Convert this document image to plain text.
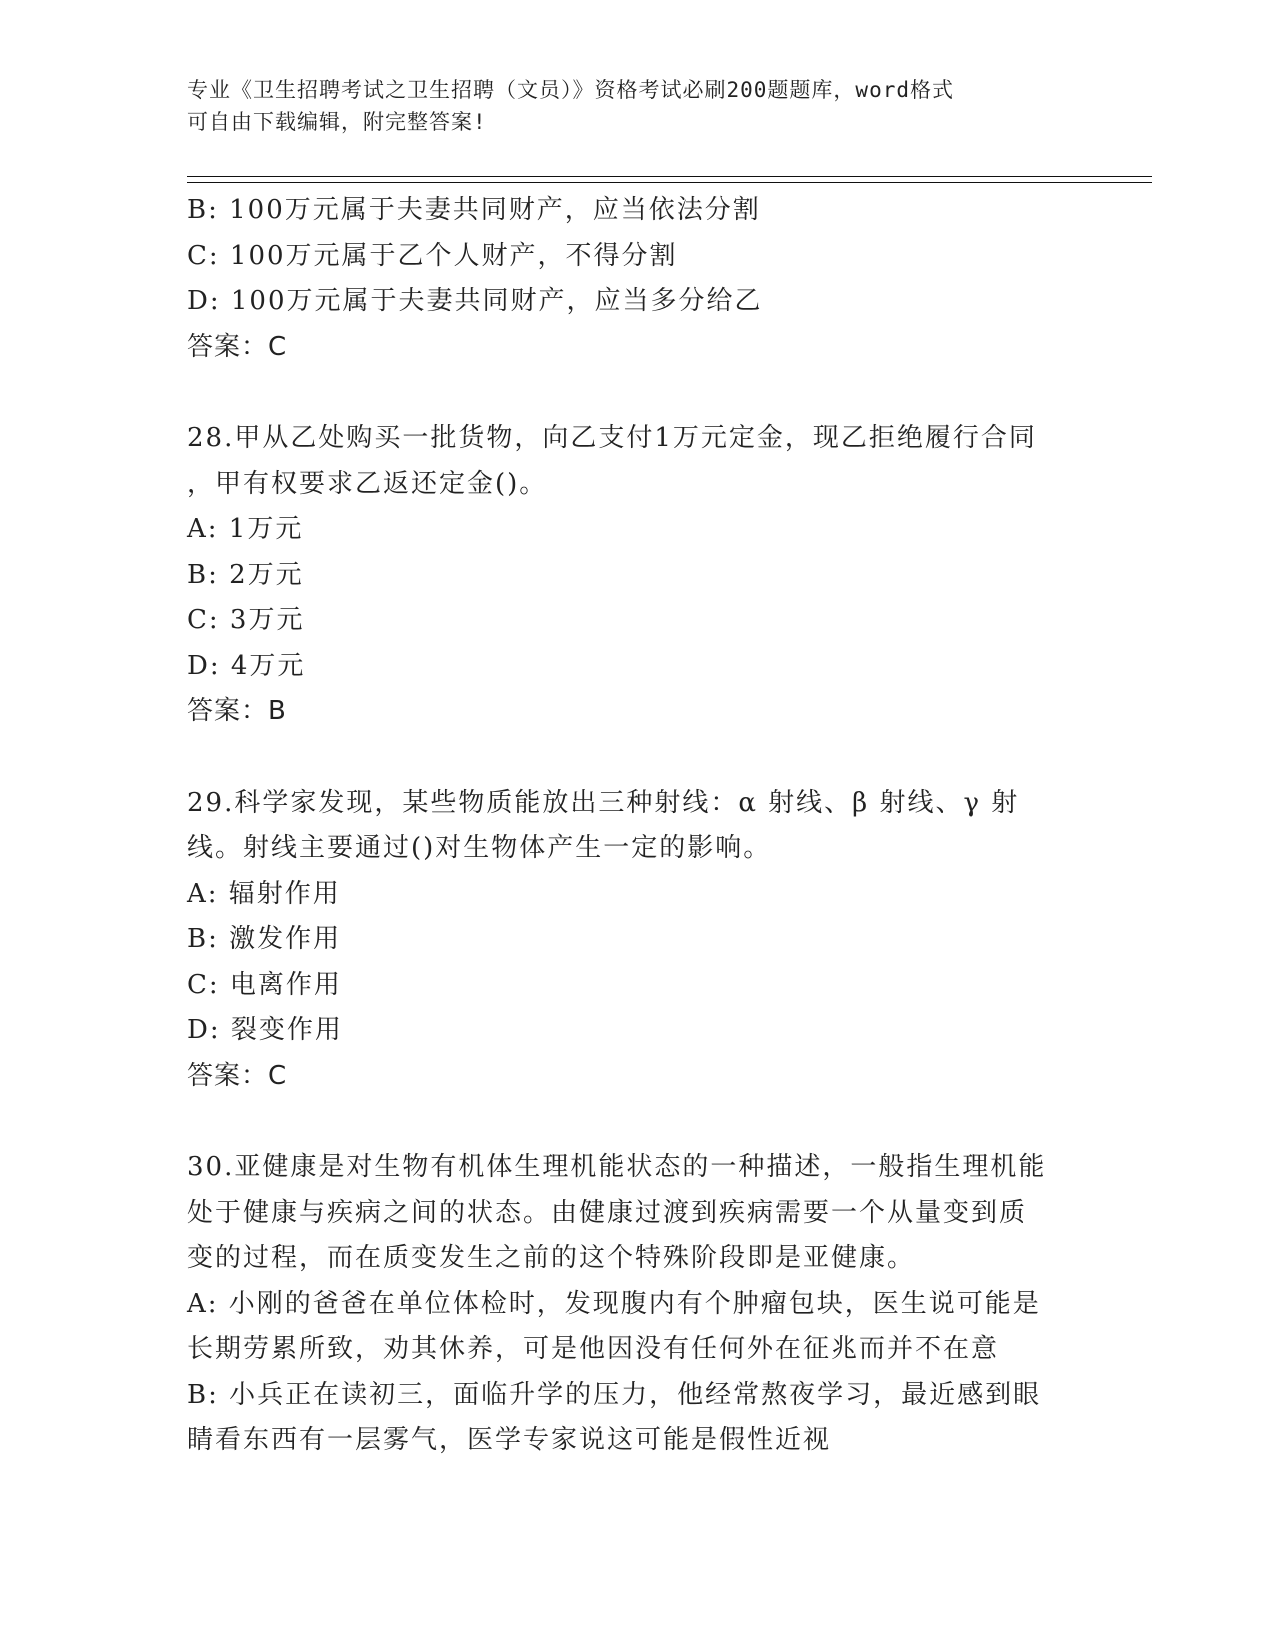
专业《卫生招聘考试之卫生招聘（文员）》资格考试必刷200题题库，word格式
可自由下载编辑，附完整答案!
B: 100万元属于夫妻共同财产，应当依法分割
C: 100万元属于乙个人财产，不得分割
D: 100万元属于夫妻共同财产，应当多分给乙
答案：C
28.甲从乙处购买一批货物，向乙支付1万元定金，现乙拒绝履行合同
，甲有权要求乙返还定金()。
A: 1万元
B: 2万元
C: 3万元
D: 4万元
答案：B
29.科学家发现，某些物质能放出三种射线：α 射线、β 射线、γ 射
线。射线主要通过()对生物体产生一定的影响。
A: 辐射作用
B: 激发作用
C: 电离作用
D: 裂变作用
答案：C
30.亚健康是对生物有机体生理机能状态的一种描述，一般指生理机能
处于健康与疾病之间的状态。由健康过渡到疾病需要一个从量变到质
变的过程，而在质变发生之前的这个特殊阶段即是亚健康。
A: 小刚的爸爸在单位体检时，发现腹内有个肿瘤包块，医生说可能是
长期劳累所致，劝其休养，可是他因没有任何外在征兆而并不在意
B: 小兵正在读初三，面临升学的压力，他经常熬夜学习，最近感到眼
睛看东西有一层雾气，医学专家说这可能是假性近视
